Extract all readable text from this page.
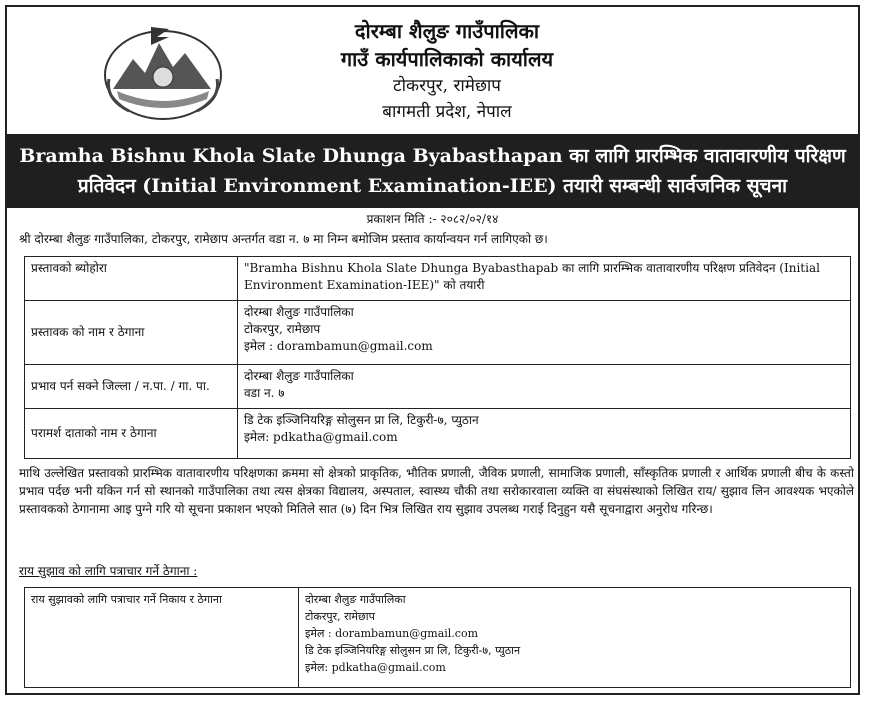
दोरम्बा शैलुङ गाउँपालिका
गाउँ कार्यपालिकाको कार्यालय
टोकरपुर, रामेछाप
बागमती प्रदेश, नेपाल
Bramha Bishnu Khola Slate Dhunga Byabasthapan का लागि प्रारम्भिक वातावारणीय परिक्षण
प्रतिवेदन (Initial Environment Examination-IEE) तयारी सम्बन्धी सार्वजनिक सूचना
प्रकाशन मिति :- २०८२/०२/१४
श्री दोरम्बा शैलुङ गाउँपालिका, टोकरपुर, रामेछाप अन्तर्गत वडा न. ७ मा निम्न बमोजिम प्रस्ताव कार्यान्वयन गर्न लागिएको छ।
प्रस्तावको ब्योहोरा	"Bramha Bishnu Khola Slate Dhunga Byabasthapab का लागि प्रारम्भिक वातावारणीय परिक्षण प्रतिवेदन (Initial Environment Examination-IEE)" को तयारी

प्रस्तावक को नाम र ठेगाना	दोरम्बा शैलुङ गाउँपालिका
टोकरपुर, रामेछाप
इमेल : dorambamun@gmail.com

प्रभाव पर्न सक्ने जिल्ला / न.पा. / गा. पा.	दोरम्बा शैलुङ गाउँपालिका
वडा न. ७

परामर्श दाताको नाम र ठेगाना	डि टेक इञ्जिनियरिङ्ग सोलुसन प्रा लि, टिकुरी-७, प्युठान
इमेल: pdkatha@gmail.com
माथि उल्लेखित प्रस्तावको प्रारम्भिक वातावारणीय परिक्षणका क्रममा सो क्षेत्रको प्राकृतिक, भौतिक प्रणाली, जैविक प्रणाली, सामाजिक प्रणाली, साँस्कृतिक प्रणाली र आर्थिक प्रणाली बीच के कस्तो प्रभाव पर्दछ भनी यकिन गर्न सो स्थानको गाउँपालिका तथा त्यस क्षेत्रका विद्यालय, अस्पताल, स्वास्थ्य चौकी तथा सरोकारवाला व्यक्ति वा संघसंस्थाको लिखित राय/ सुझाव लिन आवश्यक भएकोले प्रस्तावकको ठेगानामा आइ पुग्ने गरि यो सूचना प्रकाशन भएको मितिले सात (७) दिन भित्र लिखित राय सुझाव उपलब्ध गराई दिनुहुन यसै सूचनाद्वारा अनुरोध गरिन्छ।
राय सुझाव को लागि पत्राचार गर्ने ठेगाना :
राय सुझावको लागि पत्राचार गर्ने निकाय र ठेगाना	दोरम्बा शैलुङ गाउँपालिका
टोकरपुर, रामेछाप
इमेल : dorambamun@gmail.com
डि टेक इञ्जिनियरिङ्ग सोलुसन प्रा लि, टिकुरी-७, प्युठान
इमेल: pdkatha@gmail.com
